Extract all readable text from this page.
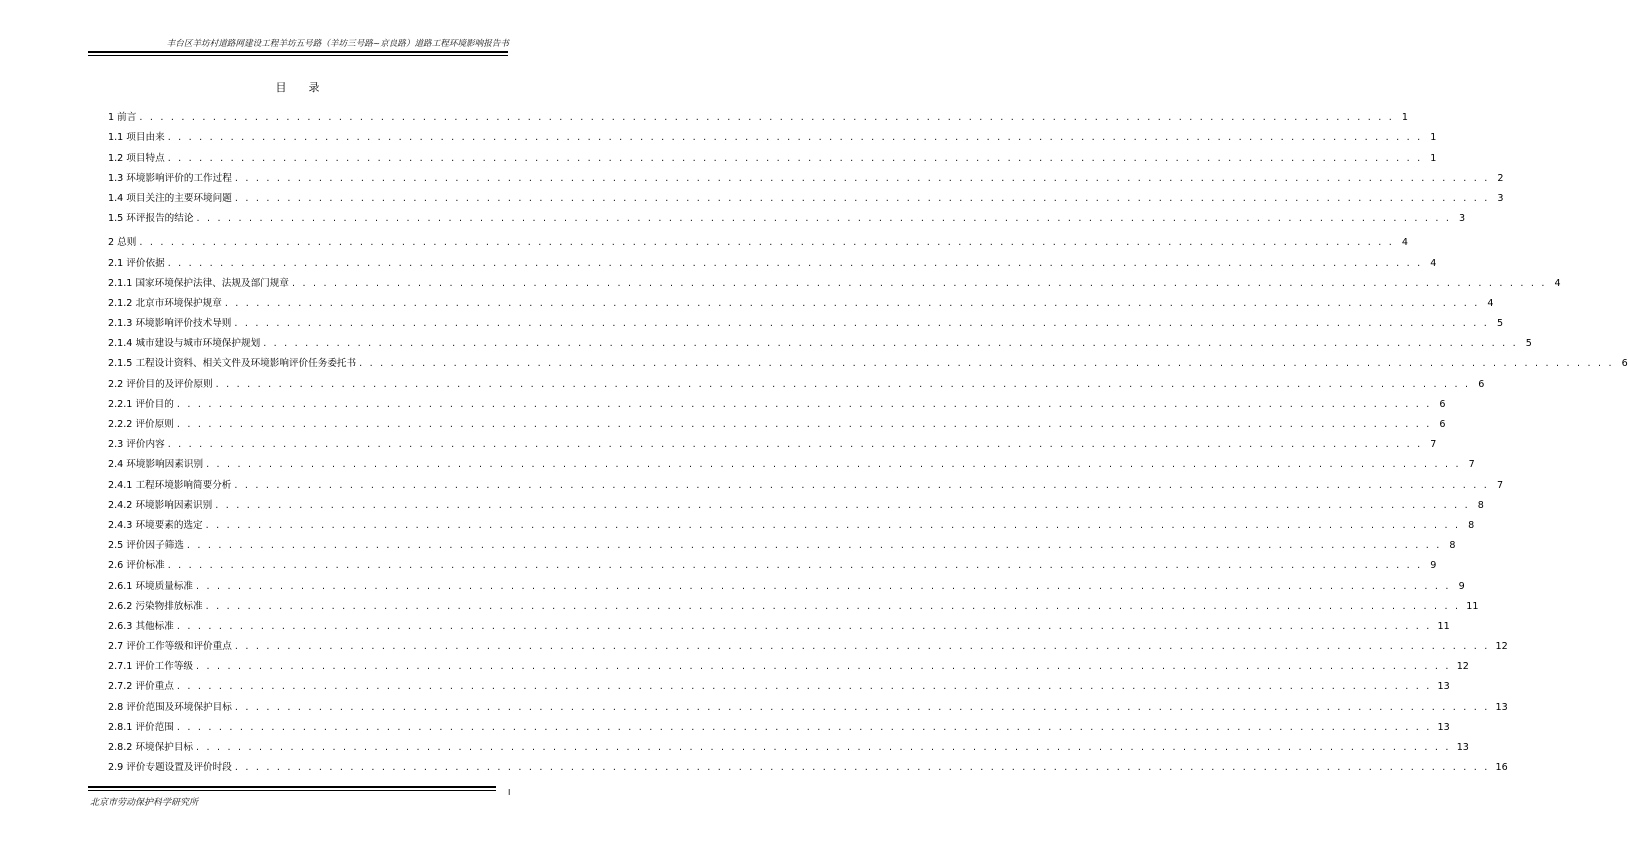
丰台区羊坊村道路网建设工程羊坊五号路（羊坊三号路~京良路）道路工程环境影响报告书
目录
1 前言 . . . . . . . . . . . . . . . . . . . . . . . . . . . . . . . . . . . . . . . . . . . . . . . . . . . . . . . . . . . . . . . . . . . . . . . . . . . . . . . . . . . . . . . . . . . . . . . . . . . . . . . . . . . . . . . . . . . . . . . . 1
1.1 项目由来 . . . . . . . . . . . . . . . . . . . . . . . . . . . . . . . . . . . . . . . . . . . . . . . . . . . . . . . . . . . . . . . . . . . . . . . . . . . . . . . . . . . . . . . . . . . . . . . . . . . . . . . . . . . . . . . . . . . . . . . . 1
1.2 项目特点 . . . . . . . . . . . . . . . . . . . . . . . . . . . . . . . . . . . . . . . . . . . . . . . . . . . . . . . . . . . . . . . . . . . . . . . . . . . . . . . . . . . . . . . . . . . . . . . . . . . . . . . . . . . . . . . . . . . . . . . . 1
1.3 环境影响评价的工作过程 . . . . . . . . . . . . . . . . . . . . . . . . . . . . . . . . . . . . . . . . . . . . . . . . . . . . . . . . . . . . . . . . . . . . . . . . . . . . . . . . . . . . . . . . . . . . . . . . . . . . . . . . . . . . . . . . . . . . . . . . 2
1.4 项目关注的主要环境问题 . . . . . . . . . . . . . . . . . . . . . . . . . . . . . . . . . . . . . . . . . . . . . . . . . . . . . . . . . . . . . . . . . . . . . . . . . . . . . . . . . . . . . . . . . . . . . . . . . . . . . . . . . . . . . . . . . . . . . . . . 3
1.5 环评报告的结论 . . . . . . . . . . . . . . . . . . . . . . . . . . . . . . . . . . . . . . . . . . . . . . . . . . . . . . . . . . . . . . . . . . . . . . . . . . . . . . . . . . . . . . . . . . . . . . . . . . . . . . . . . . . . . . . . . . . . . . . . 3
2 总则 . . . . . . . . . . . . . . . . . . . . . . . . . . . . . . . . . . . . . . . . . . . . . . . . . . . . . . . . . . . . . . . . . . . . . . . . . . . . . . . . . . . . . . . . . . . . . . . . . . . . . . . . . . . . . . . . . . . . . . . . 4
2.1 评价依据 . . . . . . . . . . . . . . . . . . . . . . . . . . . . . . . . . . . . . . . . . . . . . . . . . . . . . . . . . . . . . . . . . . . . . . . . . . . . . . . . . . . . . . . . . . . . . . . . . . . . . . . . . . . . . . . . . . . . . . . . 4
2.1.1 国家环境保护法律、法规及部门规章 . . . . . . . . . . . . . . . . . . . . . . . . . . . . . . . . . . . . . . . . . . . . . . . . . . . . . . . . . . . . . . . . . . . . . . . . . . . . . . . . . . . . . . . . . . . . . . . . . . . . . . . . . . . . . . . . . . . . . . . . 4
2.1.2 北京市环境保护规章 . . . . . . . . . . . . . . . . . . . . . . . . . . . . . . . . . . . . . . . . . . . . . . . . . . . . . . . . . . . . . . . . . . . . . . . . . . . . . . . . . . . . . . . . . . . . . . . . . . . . . . . . . . . . . . . . . . . . . . . . 4
2.1.3 环境影响评价技术导则 . . . . . . . . . . . . . . . . . . . . . . . . . . . . . . . . . . . . . . . . . . . . . . . . . . . . . . . . . . . . . . . . . . . . . . . . . . . . . . . . . . . . . . . . . . . . . . . . . . . . . . . . . . . . . . . . . . . . . . . . 5
2.1.4 城市建设与城市环境保护规划 . . . . . . . . . . . . . . . . . . . . . . . . . . . . . . . . . . . . . . . . . . . . . . . . . . . . . . . . . . . . . . . . . . . . . . . . . . . . . . . . . . . . . . . . . . . . . . . . . . . . . . . . . . . . . . . . . . . . . . . . 5
2.1.5 工程设计资料、相关文件及环境影响评价任务委托书 . . . . . . . . . . . . . . . . . . . . . . . . . . . . . . . . . . . . . . . . . . . . . . . . . . . . . . . . . . . . . . . . . . . . . . . . . . . . . . . . . . . . . . . . . . . . . . . . . . . . . . . . . . . . . . . . . . . . . . . . 6
2.2 评价目的及评价原则 . . . . . . . . . . . . . . . . . . . . . . . . . . . . . . . . . . . . . . . . . . . . . . . . . . . . . . . . . . . . . . . . . . . . . . . . . . . . . . . . . . . . . . . . . . . . . . . . . . . . . . . . . . . . . . . . . . . . . . . . 6
2.2.1 评价目的 . . . . . . . . . . . . . . . . . . . . . . . . . . . . . . . . . . . . . . . . . . . . . . . . . . . . . . . . . . . . . . . . . . . . . . . . . . . . . . . . . . . . . . . . . . . . . . . . . . . . . . . . . . . . . . . . . . . . . . . . 6
2.2.2 评价原则 . . . . . . . . . . . . . . . . . . . . . . . . . . . . . . . . . . . . . . . . . . . . . . . . . . . . . . . . . . . . . . . . . . . . . . . . . . . . . . . . . . . . . . . . . . . . . . . . . . . . . . . . . . . . . . . . . . . . . . . . 6
2.3 评价内容 . . . . . . . . . . . . . . . . . . . . . . . . . . . . . . . . . . . . . . . . . . . . . . . . . . . . . . . . . . . . . . . . . . . . . . . . . . . . . . . . . . . . . . . . . . . . . . . . . . . . . . . . . . . . . . . . . . . . . . . . 7
2.4 环境影响因素识别 . . . . . . . . . . . . . . . . . . . . . . . . . . . . . . . . . . . . . . . . . . . . . . . . . . . . . . . . . . . . . . . . . . . . . . . . . . . . . . . . . . . . . . . . . . . . . . . . . . . . . . . . . . . . . . . . . . . . . . . . 7
2.4.1 工程环境影响简要分析 . . . . . . . . . . . . . . . . . . . . . . . . . . . . . . . . . . . . . . . . . . . . . . . . . . . . . . . . . . . . . . . . . . . . . . . . . . . . . . . . . . . . . . . . . . . . . . . . . . . . . . . . . . . . . . . . . . . . . . . . 7
2.4.2 环境影响因素识别 . . . . . . . . . . . . . . . . . . . . . . . . . . . . . . . . . . . . . . . . . . . . . . . . . . . . . . . . . . . . . . . . . . . . . . . . . . . . . . . . . . . . . . . . . . . . . . . . . . . . . . . . . . . . . . . . . . . . . . . . 8
2.4.3 环境要素的选定 . . . . . . . . . . . . . . . . . . . . . . . . . . . . . . . . . . . . . . . . . . . . . . . . . . . . . . . . . . . . . . . . . . . . . . . . . . . . . . . . . . . . . . . . . . . . . . . . . . . . . . . . . . . . . . . . . . . . . . . . 8
2.5 评价因子筛选 . . . . . . . . . . . . . . . . . . . . . . . . . . . . . . . . . . . . . . . . . . . . . . . . . . . . . . . . . . . . . . . . . . . . . . . . . . . . . . . . . . . . . . . . . . . . . . . . . . . . . . . . . . . . . . . . . . . . . . . . 8
2.6 评价标准 . . . . . . . . . . . . . . . . . . . . . . . . . . . . . . . . . . . . . . . . . . . . . . . . . . . . . . . . . . . . . . . . . . . . . . . . . . . . . . . . . . . . . . . . . . . . . . . . . . . . . . . . . . . . . . . . . . . . . . . . 9
2.6.1 环境质量标准 . . . . . . . . . . . . . . . . . . . . . . . . . . . . . . . . . . . . . . . . . . . . . . . . . . . . . . . . . . . . . . . . . . . . . . . . . . . . . . . . . . . . . . . . . . . . . . . . . . . . . . . . . . . . . . . . . . . . . . . . 9
2.6.2 污染物排放标准 . . . . . . . . . . . . . . . . . . . . . . . . . . . . . . . . . . . . . . . . . . . . . . . . . . . . . . . . . . . . . . . . . . . . . . . . . . . . . . . . . . . . . . . . . . . . . . . . . . . . . . . . . . . . . . . . . . . . . . . . 11
2.6.3 其他标准 . . . . . . . . . . . . . . . . . . . . . . . . . . . . . . . . . . . . . . . . . . . . . . . . . . . . . . . . . . . . . . . . . . . . . . . . . . . . . . . . . . . . . . . . . . . . . . . . . . . . . . . . . . . . . . . . . . . . . . . . 11
2.7 评价工作等级和评价重点 . . . . . . . . . . . . . . . . . . . . . . . . . . . . . . . . . . . . . . . . . . . . . . . . . . . . . . . . . . . . . . . . . . . . . . . . . . . . . . . . . . . . . . . . . . . . . . . . . . . . . . . . . . . . . . . . . . . . . . . . 12
2.7.1 评价工作等级 . . . . . . . . . . . . . . . . . . . . . . . . . . . . . . . . . . . . . . . . . . . . . . . . . . . . . . . . . . . . . . . . . . . . . . . . . . . . . . . . . . . . . . . . . . . . . . . . . . . . . . . . . . . . . . . . . . . . . . . . 12
2.7.2 评价重点 . . . . . . . . . . . . . . . . . . . . . . . . . . . . . . . . . . . . . . . . . . . . . . . . . . . . . . . . . . . . . . . . . . . . . . . . . . . . . . . . . . . . . . . . . . . . . . . . . . . . . . . . . . . . . . . . . . . . . . . . 13
2.8 评价范围及环境保护目标 . . . . . . . . . . . . . . . . . . . . . . . . . . . . . . . . . . . . . . . . . . . . . . . . . . . . . . . . . . . . . . . . . . . . . . . . . . . . . . . . . . . . . . . . . . . . . . . . . . . . . . . . . . . . . . . . . . . . . . . . 13
2.8.1 评价范围 . . . . . . . . . . . . . . . . . . . . . . . . . . . . . . . . . . . . . . . . . . . . . . . . . . . . . . . . . . . . . . . . . . . . . . . . . . . . . . . . . . . . . . . . . . . . . . . . . . . . . . . . . . . . . . . . . . . . . . . . 13
2.8.2 环境保护目标 . . . . . . . . . . . . . . . . . . . . . . . . . . . . . . . . . . . . . . . . . . . . . . . . . . . . . . . . . . . . . . . . . . . . . . . . . . . . . . . . . . . . . . . . . . . . . . . . . . . . . . . . . . . . . . . . . . . . . . . . 13
2.9 评价专题设置及评价时段 . . . . . . . . . . . . . . . . . . . . . . . . . . . . . . . . . . . . . . . . . . . . . . . . . . . . . . . . . . . . . . . . . . . . . . . . . . . . . . . . . . . . . . . . . . . . . . . . . . . . . . . . . . . . . . . . . . . . . . . . 16
北京市劳动保护科学研究所
I
